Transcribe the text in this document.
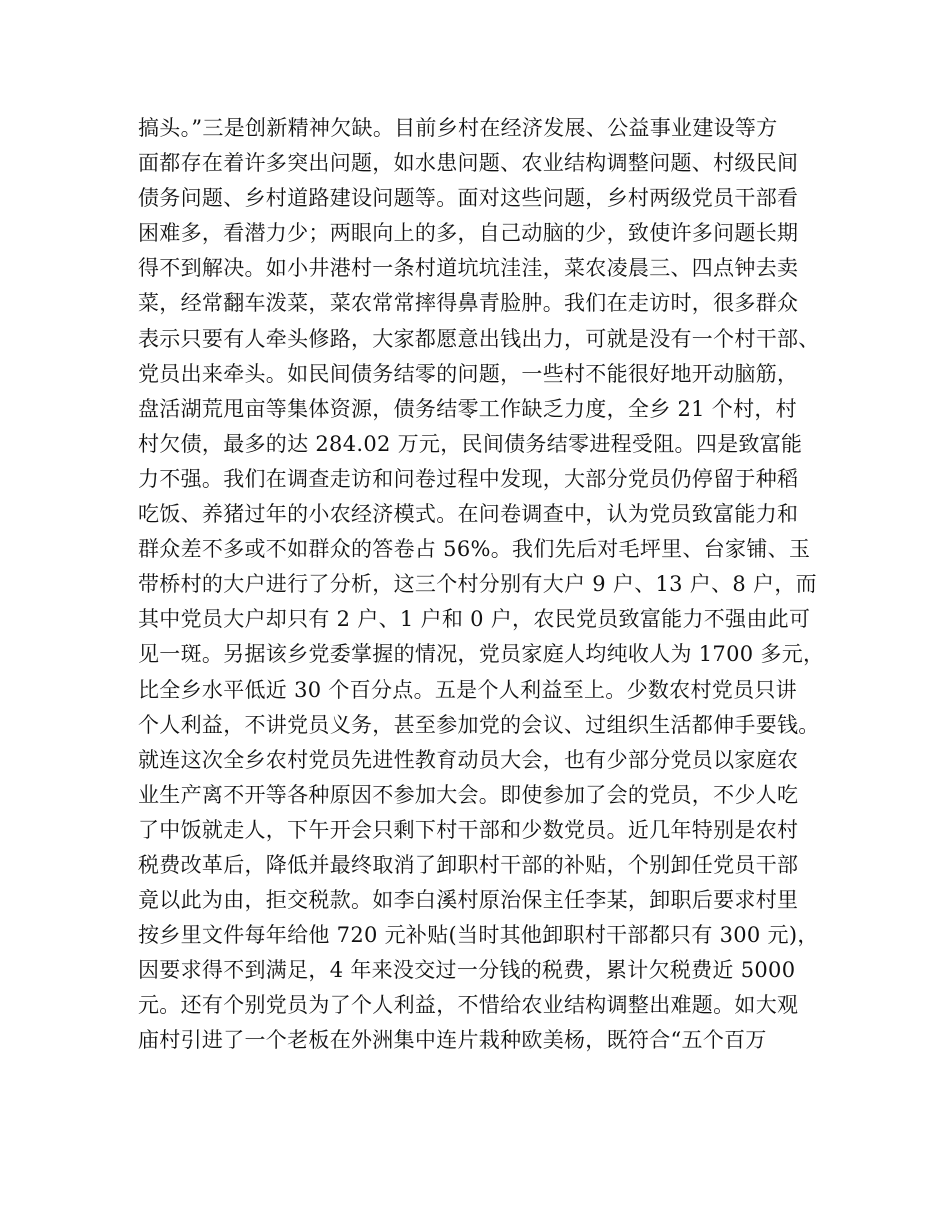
搞头。”三是创新精神欠缺。目前乡村在经济发展、公益事业建设等方
面都存在着许多突出问题，如水患问题、农业结构调整问题、村级民间
债务问题、乡村道路建设问题等。面对这些问题，乡村两级党员干部看
困难多，看潜力少；两眼向上的多，自己动脑的少，致使许多问题长期
得不到解决。如小井港村一条村道坑坑洼洼，菜农凌晨三、四点钟去卖
菜，经常翻车泼菜，菜农常常摔得鼻青脸肿。我们在走访时，很多群众
表示只要有人牵头修路，大家都愿意出钱出力，可就是没有一个村干部、
党员出来牵头。如民间债务结零的问题，一些村不能很好地开动脑筋，
盘活湖荒甩亩等集体资源，债务结零工作缺乏力度，全乡 21 个村，村
村欠债，最多的达 284.02 万元，民间债务结零进程受阻。四是致富能
力不强。我们在调查走访和问卷过程中发现，大部分党员仍停留于种稻
吃饭、养猪过年的小农经济模式。在问卷调查中，认为党员致富能力和
群众差不多或不如群众的答卷占 56%。我们先后对毛坪里、台家铺、玉
带桥村的大户进行了分析，这三个村分别有大户 9 户、13 户、8 户，而
其中党员大户却只有 2 户、1 户和 0 户，农民党员致富能力不强由此可
见一斑。另据该乡党委掌握的情况，党员家庭人均纯收人为 1700 多元，
比全乡水平低近 30 个百分点。五是个人利益至上。少数农村党员只讲
个人利益，不讲党员义务，甚至参加党的会议、过组织生活都伸手要钱。
就连这次全乡农村党员先进性教育动员大会，也有少部分党员以家庭农
业生产离不开等各种原因不参加大会。即使参加了会的党员，不少人吃
了中饭就走人，下午开会只剩下村干部和少数党员。近几年特别是农村
税费改革后，降低并最终取消了卸职村干部的补贴，个别卸任党员干部
竟以此为由，拒交税款。如李白溪村原治保主任李某，卸职后要求村里
按乡里文件每年给他 720 元补贴(当时其他卸职村干部都只有 300 元)，
因要求得不到满足，4 年来没交过一分钱的税费，累计欠税费近 5000
元。还有个别党员为了个人利益，不惜给农业结构调整出难题。如大观
庙村引进了一个老板在外洲集中连片栽种欧美杨，既符合“五个百万
